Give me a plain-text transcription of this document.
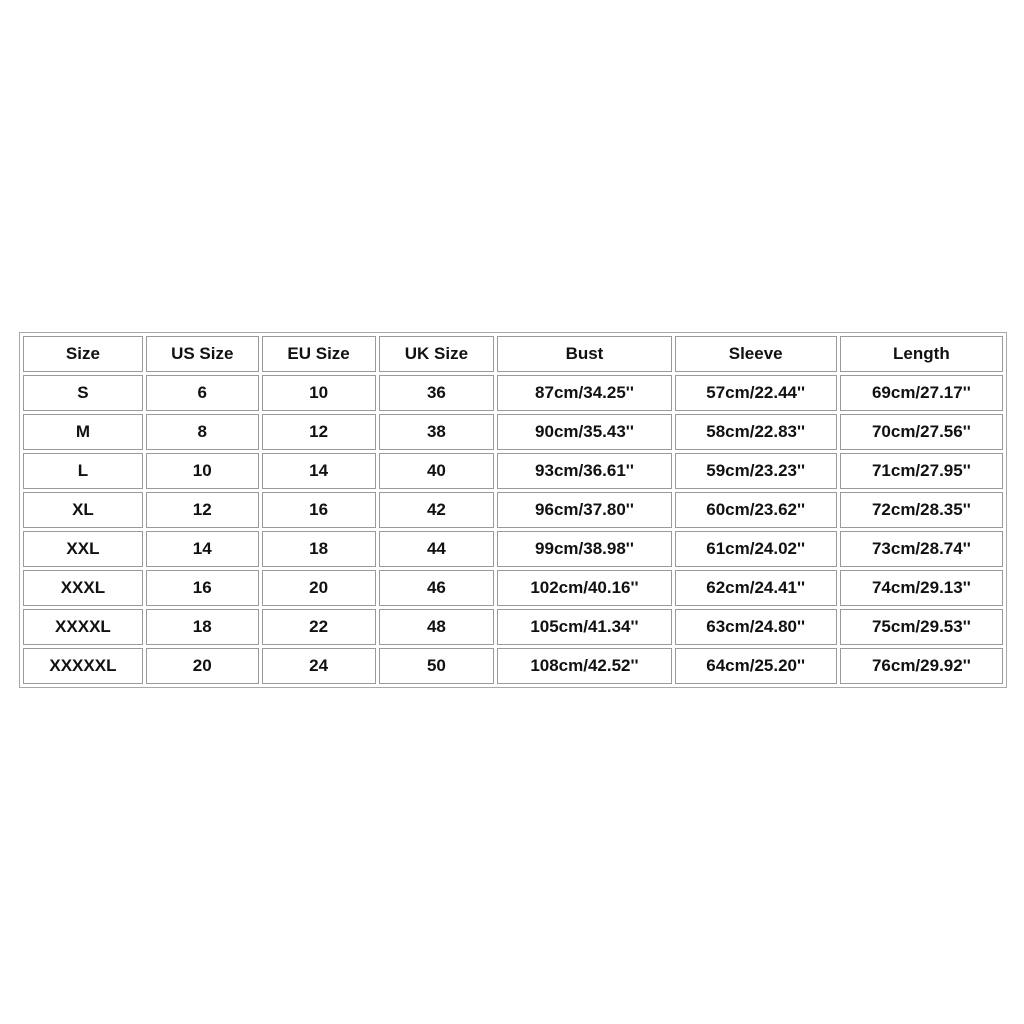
Size	US Size	EU Size	UK Size	Bust	Sleeve	Length
S	6	10	36	87cm/34.25''	57cm/22.44''	69cm/27.17''
M	8	12	38	90cm/35.43''	58cm/22.83''	70cm/27.56''
L	10	14	40	93cm/36.61''	59cm/23.23''	71cm/27.95''
XL	12	16	42	96cm/37.80''	60cm/23.62''	72cm/28.35''
XXL	14	18	44	99cm/38.98''	61cm/24.02''	73cm/28.74''
XXXL	16	20	46	102cm/40.16''	62cm/24.41''	74cm/29.13''
XXXXL	18	22	48	105cm/41.34''	63cm/24.80''	75cm/29.53''
XXXXXL	20	24	50	108cm/42.52''	64cm/25.20''	76cm/29.92''
